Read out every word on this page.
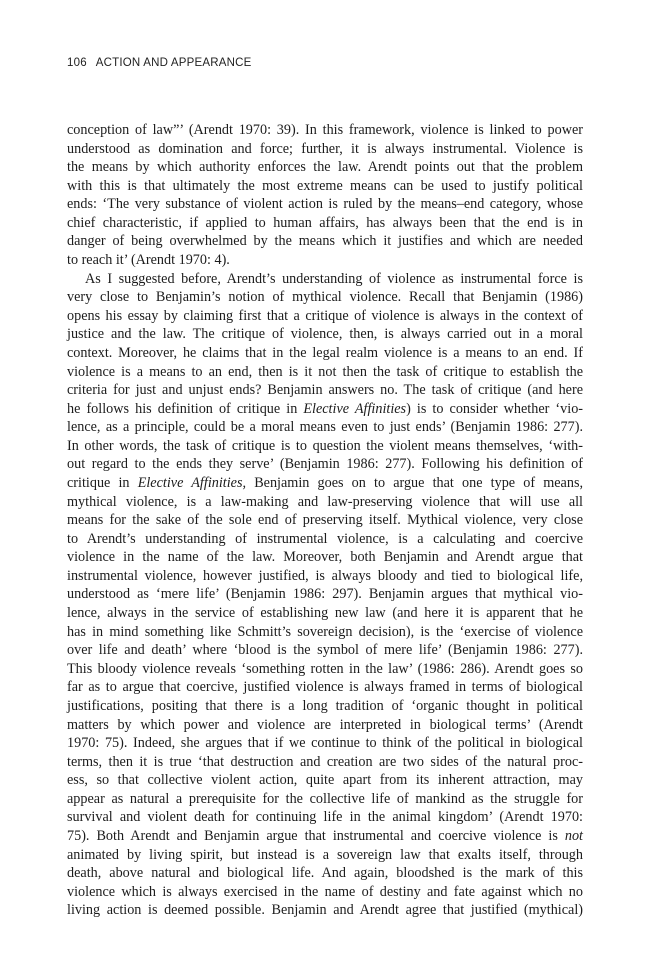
106 ACTION AND APPEARANCE
conception of law”’ (Arendt 1970: 39). In this framework, violence is linked to power
understood as domination and force; further, it is always instrumental. Violence is
the means by which authority enforces the law. Arendt points out that the problem
with this is that ultimately the most extreme means can be used to justify political
ends: ‘The very substance of violent action is ruled by the means–end category, whose
chief characteristic, if applied to human affairs, has always been that the end is in
danger of being overwhelmed by the means which it justifies and which are needed
to reach it’ (Arendt 1970: 4).
As I suggested before, Arendt’s understanding of violence as instrumental force is
very close to Benjamin’s notion of mythical violence. Recall that Benjamin (1986)
opens his essay by claiming first that a critique of violence is always in the context of
justice and the law. The critique of violence, then, is always carried out in a moral
context. Moreover, he claims that in the legal realm violence is a means to an end. If
violence is a means to an end, then is it not then the task of critique to establish the
criteria for just and unjust ends? Benjamin answers no. The task of critique (and here
he follows his definition of critique in Elective Affinities) is to consider whether ‘vio-
lence, as a principle, could be a moral means even to just ends’ (Benjamin 1986: 277).
In other words, the task of critique is to question the violent means themselves, ‘with-
out regard to the ends they serve’ (Benjamin 1986: 277). Following his definition of
critique in Elective Affinities, Benjamin goes on to argue that one type of means,
mythical violence, is a law-making and law-preserving violence that will use all
means for the sake of the sole end of preserving itself. Mythical violence, very close
to Arendt’s understanding of instrumental violence, is a calculating and coercive
violence in the name of the law. Moreover, both Benjamin and Arendt argue that
instrumental violence, however justified, is always bloody and tied to biological life,
understood as ‘mere life’ (Benjamin 1986: 297). Benjamin argues that mythical vio-
lence, always in the service of establishing new law (and here it is apparent that he
has in mind something like Schmitt’s sovereign decision), is the ‘exercise of violence
over life and death’ where ‘blood is the symbol of mere life’ (Benjamin 1986: 277).
This bloody violence reveals ‘something rotten in the law’ (1986: 286). Arendt goes so
far as to argue that coercive, justified violence is always framed in terms of biological
justifications, positing that there is a long tradition of ‘organic thought in political
matters by which power and violence are interpreted in biological terms’ (Arendt
1970: 75). Indeed, she argues that if we continue to think of the political in biological
terms, then it is true ‘that destruction and creation are two sides of the natural proc-
ess, so that collective violent action, quite apart from its inherent attraction, may
appear as natural a prerequisite for the collective life of mankind as the struggle for
survival and violent death for continuing life in the animal kingdom’ (Arendt 1970:
75). Both Arendt and Benjamin argue that instrumental and coercive violence is not
animated by living spirit, but instead is a sovereign law that exalts itself, through
death, above natural and biological life. And again, bloodshed is the mark of this
violence which is always exercised in the name of destiny and fate against which no
living action is deemed possible. Benjamin and Arendt agree that justified (mythical)
